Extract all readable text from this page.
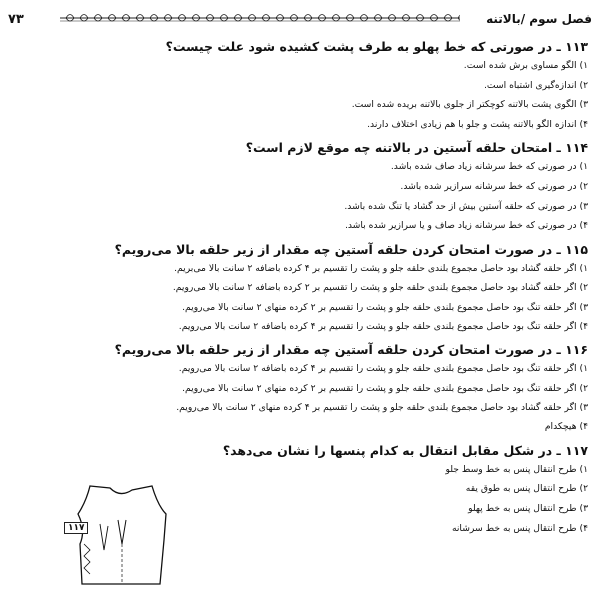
فصل سوم /بالاتنه
۷۳
۱۱۳ ـ در صورتی که خط پهلو به طرف پشت کشیده شود علت چیست؟
۱) الگو مساوی برش شده است.
۲) اندازه‌گیری اشتباه است.
۳) الگوی پشت بالاتنه کوچکتر از جلوی بالاتنه بریده شده است.
۴) اندازه الگو بالاتنه پشت و جلو با هم زیادی اختلاف دارند.
۱۱۴ ـ امتحان حلقه آستین در بالاتنه چه موقع لازم است؟
۱) در صورتی که خط سرشانه زیاد صاف شده باشد.
۲) در صورتی که خط سرشانه سرازیر شده باشد.
۳) در صورتی که حلقه آستین بیش از حد گشاد یا تنگ شده باشد.
۴) در صورتی که خط سرشانه زیاد صاف و یا سرازیر شده باشد.
۱۱۵ ـ در صورت امتحان کردن حلقه آستین چه مقدار از زیر حلقه بالا می‌رویم؟
۱) اگر حلقه گشاد بود حاصل مجموع بلندی حلقه جلو و پشت را تقسیم بر ۴ کرده باضافه ۲ سانت بالا می‌بریم.
۲) اگر حلقه گشاد بود حاصل مجموع بلندی حلقه جلو و پشت را تقسیم بر ۲ کرده باضافه ۲ سانت بالا می‌رویم.
۳) اگر حلقه تنگ بود حاصل مجموع بلندی حلقه جلو و پشت را تقسیم بر ۲ کرده منهای ۲ سانت بالا می‌رویم.
۴) اگر حلقه تنگ بود حاصل مجموع بلندی حلقه جلو و پشت را تقسیم بر ۴ کرده باضافه ۲ سانت بالا می‌رویم.
۱۱۶ ـ در صورت امتحان کردن حلقه آستین چه مقدار از زیر حلقه بالا می‌رویم؟
۱) اگر حلقه تنگ بود حاصل مجموع بلندی حلقه جلو و پشت را تقسیم بر ۴ کرده باضافه ۲ سانت بالا می‌رویم.
۲) اگر حلقه تنگ بود حاصل مجموع بلندی حلقه جلو و پشت را تقسیم بر ۲ کرده منهای ۲ سانت بالا می‌رویم.
۳) اگر حلقه گشاد بود حاصل مجموع بلندی حلقه جلو و پشت را تقسیم بر ۴ کرده منهای ۲ سانت بالا می‌رویم.
۴) هیچکدام
۱۱۷ ـ در شکل مقابل انتقال به کدام پنسها را نشان می‌دهد؟
۱) طرح انتقال پنس به خط وسط جلو
۲) طرح انتقال پنس به طوق یقه
۳) طرح انتقال پنس به خط پهلو
۴) طرح انتقال پنس به خط سرشانه
۱۱۷
